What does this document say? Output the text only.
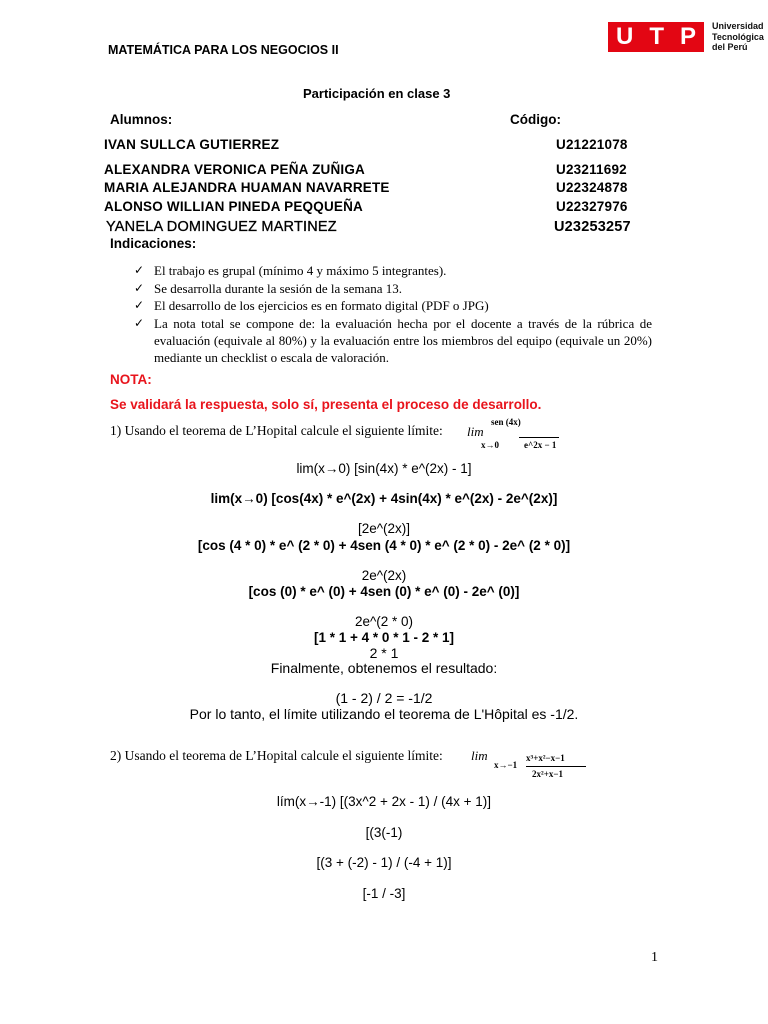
MATEMÁTICA PARA LOS NEGOCIOS II	U T P Universidad
Tecnológica
del Perú
Participación en clase 3
Alumnos:	Código:
IVAN SULLCA GUTIERREZ	U21221078
ALEXANDRA VERONICA PEÑA ZUÑIGA	U23211692
MARIA ALEJANDRA HUAMAN NAVARRETE	U22324878
ALONSO WILLIAN PINEDA PEQQUEÑA	U22327976
YANELA DOMINGUEZ MARTINEZ	U23253257
Indicaciones:
✓ El trabajo es grupal (mínimo 4 y máximo 5 integrantes).
✓ Se desarrolla durante la sesión de la semana 13.
✓ El desarrollo de los ejercicios es en formato digital (PDF o JPG)
✓ La nota total se compone de: la evaluación hecha por el docente a través de la rúbrica de evaluación (equivale al 80%) y la evaluación entre los miembros del equipo (equivale un 20%) mediante un checklist o escala de valoración.
NOTA:
Se validará la respuesta, solo sí, presenta el proceso de desarrollo.
1) Usando el teorema de L’Hopital calcule el siguiente límite: lim
sen (4x)
x→0	e^2x − 1
lim(x→0) [sin(4x) * e^(2x) - 1]
lim(x→0) [cos(4x) * e^(2x) + 4sin(4x) * e^(2x) - 2e^(2x)]
[2e^(2x)]
[cos (4 * 0) * e^ (2 * 0) + 4sen (4 * 0) * e^ (2 * 0) - 2e^ (2 * 0)]
2e^(2x)
[cos (0) * e^ (0) + 4sen (0) * e^ (0) - 2e^ (0)]
2e^(2 * 0)
[1 * 1 + 4 * 0 * 1 - 2 * 1]
2 * 1
Finalmente, obtenemos el resultado:
(1 - 2) / 2 = -1/2
Por lo tanto, el límite utilizando el teorema de L'Hôpital es -1/2.
2) Usando el teorema de L’Hopital calcule el siguiente límite: lim	x³+x²−x−1
x→−1
2x²+x−1
lím(x→-1) [(3x^2 + 2x - 1) / (4x + 1)]
[(3(-1)
[(3 + (-2) - 1) / (-4 + 1)]
[-1 / -3]
1
